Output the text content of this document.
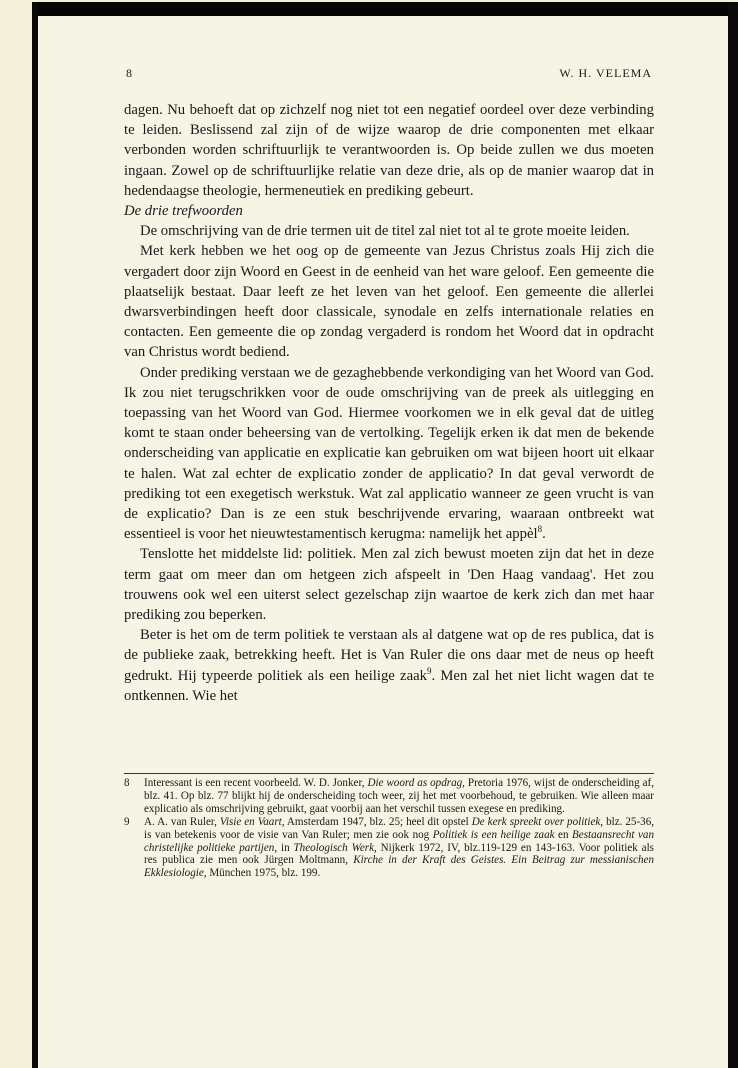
8	W. H. VELEMA

dagen. Nu behoeft dat op zichzelf nog niet tot een negatief oordeel over deze verbinding te leiden. Beslissend zal zijn of de wijze waarop de drie componenten met elkaar verbonden worden schriftuurlijk te verantwoorden is. Op beide zullen we dus moeten ingaan. Zowel op de schriftuurlijke relatie van deze drie, als op de manier waarop dat in hedendaagse theologie, hermeneutiek en prediking gebeurt.

De drie trefwoorden

De omschrijving van de drie termen uit de titel zal niet tot al te grote moeite leiden.

Met kerk hebben we het oog op de gemeente van Jezus Christus zoals Hij zich die vergadert door zijn Woord en Geest in de eenheid van het ware geloof. Een gemeente die plaatselijk bestaat. Daar leeft ze het leven van het geloof. Een gemeente die allerlei dwarsverbindingen heeft door classicale, synodale en zelfs internationale relaties en contacten. Een gemeente die op zondag vergaderd is rondom het Woord dat in opdracht van Christus wordt bediend.

Onder prediking verstaan we de gezaghebbende verkondiging van het Woord van God. Ik zou niet terugschrikken voor de oude omschrijving van de preek als uitlegging en toepassing van het Woord van God. Hiermee voorkomen we in elk geval dat de uitleg komt te staan onder beheersing van de vertolking. Tegelijk erken ik dat men de bekende onderscheiding van applicatie en explicatie kan gebruiken om wat bijeen hoort uit elkaar te halen. Wat zal echter de explicatio zonder de applicatio? In dat geval verwordt de prediking tot een exegetisch werkstuk. Wat zal applicatio wanneer ze geen vrucht is van de explicatio? Dan is ze een stuk beschrijvende ervaring, waaraan ontbreekt wat essentieel is voor het nieuwtestamentisch kerugma: namelijk het appèl$^8$.

Tenslotte het middelste lid: politiek. Men zal zich bewust moeten zijn dat het in deze term gaat om meer dan om hetgeen zich afspeelt in 'Den Haag vandaag'. Het zou trouwens ook wel een uiterst select gezelschap zijn waartoe de kerk zich dan met haar prediking zou beperken.

Beter is het om de term politiek te verstaan als al datgene wat op de res publica, dat is de publieke zaak, betrekking heeft. Het is Van Ruler die ons daar met de neus op heeft gedrukt. Hij typeerde politiek als een heilige zaak$^9$. Men zal het niet licht wagen dat te ontkennen. Wie het

8 Interessant is een recent voorbeeld. W. D. Jonker, Die woord as opdrag, Pretoria 1976, wijst de onderscheiding af, blz. 41. Op blz. 77 blijkt hij de onderscheiding toch weer, zij het met voorbehoud, te gebruiken. Wie alleen maar explicatio als omschrijving gebruikt, gaat voorbij aan het verschil tussen exegese en prediking.

9 A. A. van Ruler, Visie en Vaart, Amsterdam 1947, blz. 25; heel dit opstel De kerk spreekt over politiek, blz. 25-36, is van betekenis voor de visie van Van Ruler; men zie ook nog Politiek is een heilige zaak en Bestaansrecht van christelijke politieke partijen, in Theologisch Werk, Nijkerk 1972, IV, blz.119-129 en 143-163. Voor politiek als res publica zie men ook Jürgen Moltmann, Kirche in der Kraft des Geistes. Ein Beitrag zur messianischen Ekklesiologie, München 1975, blz. 199.
